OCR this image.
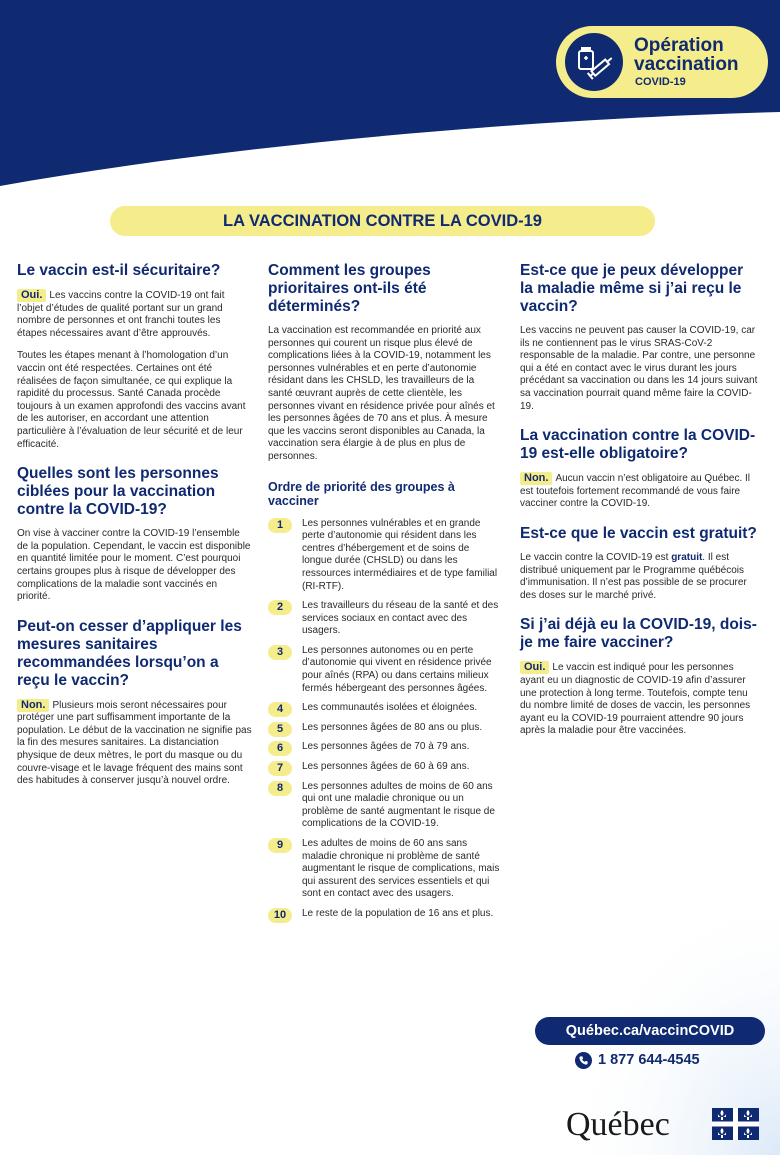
Opération
vaccination
COVID-19
LA VACCINATION CONTRE LA COVID-19
Le vaccin est-il sécuritaire?

Oui. Les vaccins contre la COVID-19 ont fait l’objet d’études de qualité portant sur un grand nombre de personnes et ont franchi toutes les étapes nécessaires avant d’être approuvés.

Toutes les étapes menant à l’homologation d’un vaccin ont été respectées. Certaines ont été réalisées de façon simultanée, ce qui explique la rapidité du processus. Santé Canada procède toujours à un examen approfondi des vaccins avant de les autoriser, en accordant une attention particulière à l’évaluation de leur sécurité et de leur efficacité.

Quelles sont les personnes ciblées pour la vaccination contre la COVID-19?

On vise à vacciner contre la COVID-19 l’ensemble de la population. Cependant, le vaccin est disponible en quantité limitée pour le moment. C’est pourquoi certains groupes plus à risque de développer des complications de la maladie sont vaccinés en priorité.

Peut-on cesser d’appliquer les mesures sanitaires recommandées lorsqu’on a reçu le vaccin?

Non. Plusieurs mois seront nécessaires pour protéger une part suffisamment importante de la population. Le début de la vaccination ne signifie pas la fin des mesures sanitaires. La distanciation physique de deux mètres, le port du masque ou du couvre-visage et le lavage fréquent des mains sont des habitudes à conserver jusqu’à nouvel ordre.

Comment les groupes prioritaires ont-ils été déterminés?

La vaccination est recommandée en priorité aux personnes qui courent un risque plus élevé de complications liées à la COVID-19, notamment les personnes vulnérables et en perte d’autonomie résidant dans les CHSLD, les travailleurs de la santé œuvrant auprès de cette clientèle, les personnes vivant en résidence privée pour aînés et les personnes âgées de 70 ans et plus. À mesure que les vaccins seront disponibles au Canada, la vaccination sera élargie à de plus en plus de personnes.

Ordre de priorité des groupes à vacciner
1	Les personnes vulnérables et en grande perte d’autonomie qui résident dans les centres d’hébergement et de soins de longue durée (CHSLD) ou dans les ressources intermédiaires et de type familial (RI-RTF).

2	Les travailleurs du réseau de la santé et des services sociaux en contact avec des usagers.

3	Les personnes autonomes ou en perte d’autonomie qui vivent en résidence privée pour aînés (RPA) ou dans certains milieux fermés hébergeant des personnes âgées.

4	Les communautés isolées et éloignées.

5	Les personnes âgées de 80 ans ou plus.

6	Les personnes âgées de 70 à 79 ans.

7	Les personnes âgées de 60 à 69 ans.

8	Les personnes adultes de moins de 60 ans qui ont une maladie chronique ou un problème de santé augmentant le risque de complications de la COVID-19.

9	Les adultes de moins de 60 ans sans maladie chronique ni problème de santé augmentant le risque de complications, mais qui assurent des services essentiels et qui sont en contact avec des usagers.

10	Le reste de la population de 16 ans et plus.

Est-ce que je peux développer la maladie même si j’ai reçu le vaccin?

Les vaccins ne peuvent pas causer la COVID-19, car ils ne contiennent pas le virus SRAS-CoV-2 responsable de la maladie. Par contre, une personne qui a été en contact avec le virus durant les jours précédant sa vaccination ou dans les 14 jours suivant sa vaccination pourrait quand même faire la COVID-19.

La vaccination contre la COVID-19 est-elle obligatoire?

Non. Aucun vaccin n’est obligatoire au Québec. Il est toutefois fortement recommandé de vous faire vacciner contre la COVID-19.

Est-ce que le vaccin est gratuit?

Le vaccin contre la COVID-19 est gratuit. Il est distribué uniquement par le Programme québécois d’immunisation. Il n’est pas possible de se procurer des doses sur le marché privé.

Si j’ai déjà eu la COVID-19, dois-je me faire vacciner?

Oui. Le vaccin est indiqué pour les personnes ayant eu un diagnostic de COVID-19 afin d’assurer une protection à long terme. Toutefois, compte tenu du nombre limité de doses de vaccin, les personnes ayant eu la COVID-19 pourraient attendre 90 jours après la maladie pour être vaccinées.

Québec.ca/vaccinCOVID
1 877 644-4545
Québec
